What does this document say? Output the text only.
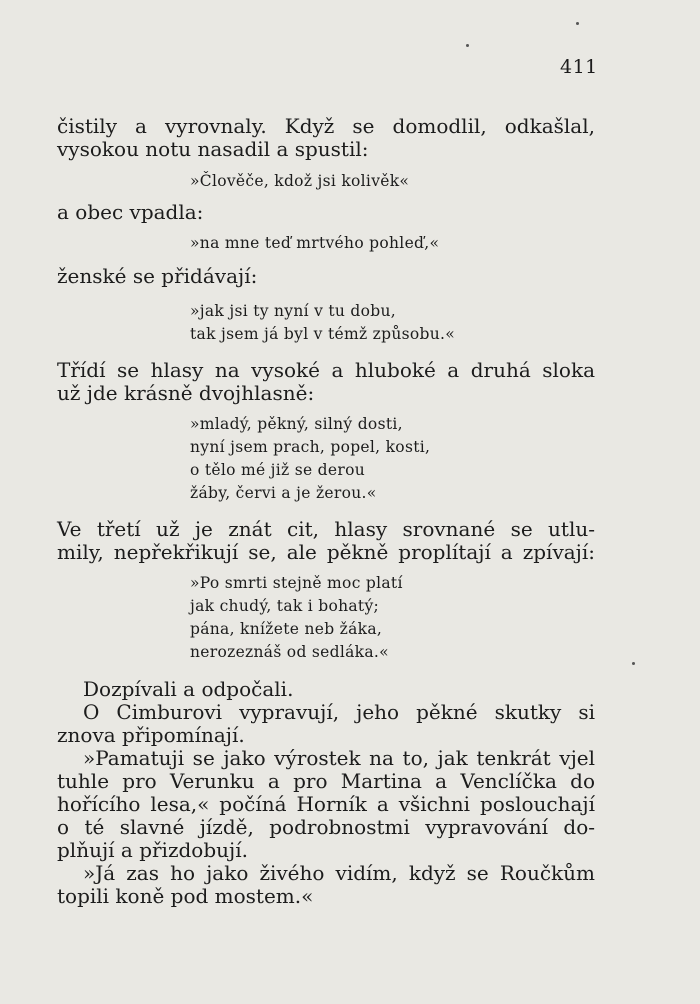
411
čistily a vyrovnaly. Když se domodlil, odkašlal,
vysokou notu nasadil a spustil:
»Člověče, kdož jsi kolivěk«
a obec vpadla:
»na mne teď mrtvého pohleď,«
ženské se přidávají:
»jak jsi ty nyní v tu dobu,
tak jsem já byl v témž způsobu.«
Třídí se hlasy na vysoké a hluboké a druhá sloka
už jde krásně dvojhlasně:
»mladý, pěkný, silný dosti,
nyní jsem prach, popel, kosti,
o tělo mé již se derou
žáby, červi a je žerou.«
Ve třetí už je znát cit, hlasy srovnané se utlu-
mily, nepřekřikují se, ale pěkně proplítají a zpívají:
»Po smrti stejně moc platí
jak chudý, tak i bohatý;
pána, knížete neb žáka,
nerozeznáš od sedláka.«
Dozpívali a odpočali.
O Cimburovi vypravují, jeho pěkné skutky si
znova připomínají.
»Pamatuji se jako výrostek na to, jak tenkrát vjel
tuhle pro Verunku a pro Martina a Venclíčka do
hořícího lesa,« počíná Horník a všichni poslouchají
o té slavné jízdě, podrobnostmi vypravování do-
plňují a přizdobují.
»Já zas ho jako živého vidím, když se Roučkům
topili koně pod mostem.«
